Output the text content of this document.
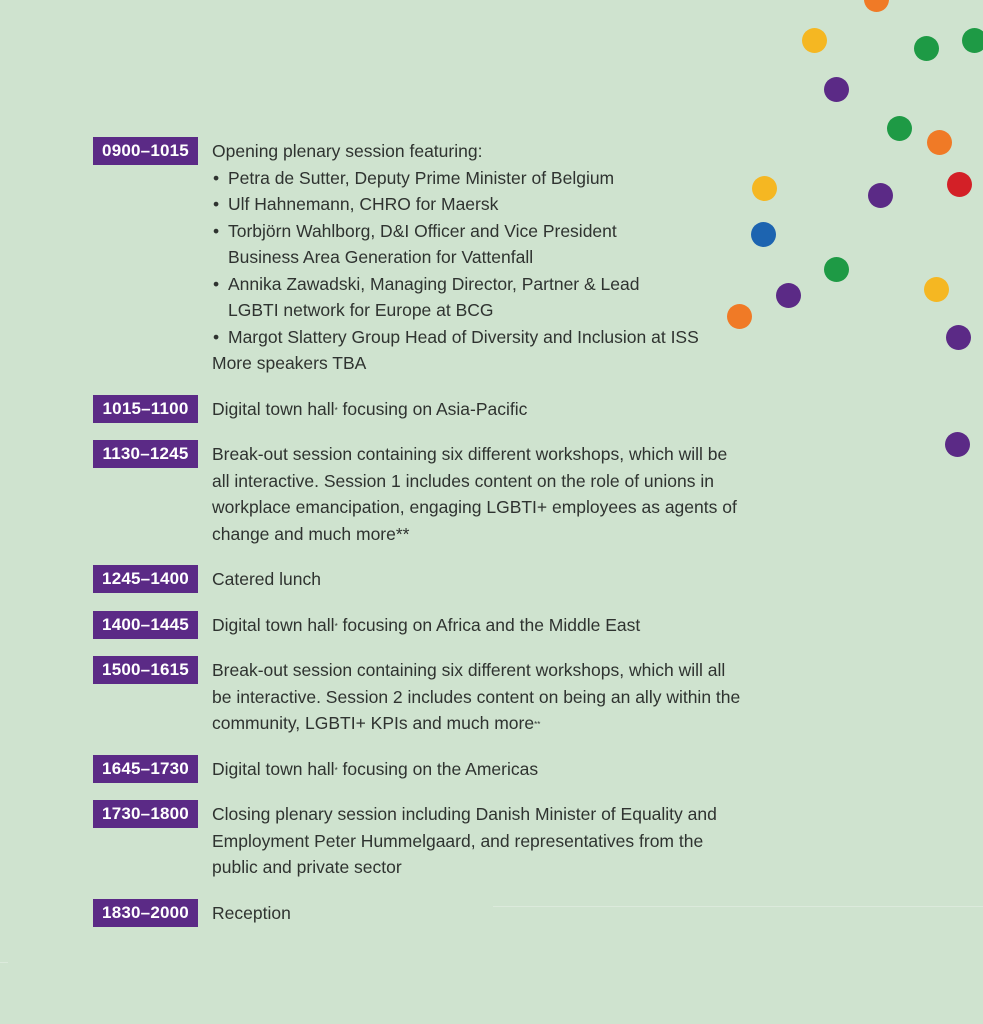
0900–1015	Opening plenary session featuring:
• Petra de Sutter, Deputy Prime Minister of Belgium
• Ulf Hahnemann, CHRO for Maersk
• Torbjörn Wahlborg, D&I Officer and Vice President Business Area Generation for Vattenfall
• Annika Zawadski, Managing Director, Partner & Lead LGBTI network for Europe at BCG
• Margot Slattery Group Head of Diversity and Inclusion at ISS
More speakers TBA
1015–1100	Digital town hall* focusing on Asia-Pacific
1130–1245	Break-out session containing six different workshops, which will be all interactive. Session 1 includes content on the role of unions in workplace emancipation, engaging LGBTI+ employees as agents of change and much more**
1245–1400	Catered lunch
1400–1445	Digital town hall* focusing on Africa and the Middle East
1500–1615	Break-out session containing six different workshops, which will all be interactive. Session 2 includes content on being an ally within the community, LGBTI+ KPIs and much more**
1645–1730	Digital town hall* focusing on the Americas
1730–1800	Closing plenary session including Danish Minister of Equality and Employment Peter Hummelgaard, and representatives from the public and private sector
1830–2000	Reception
